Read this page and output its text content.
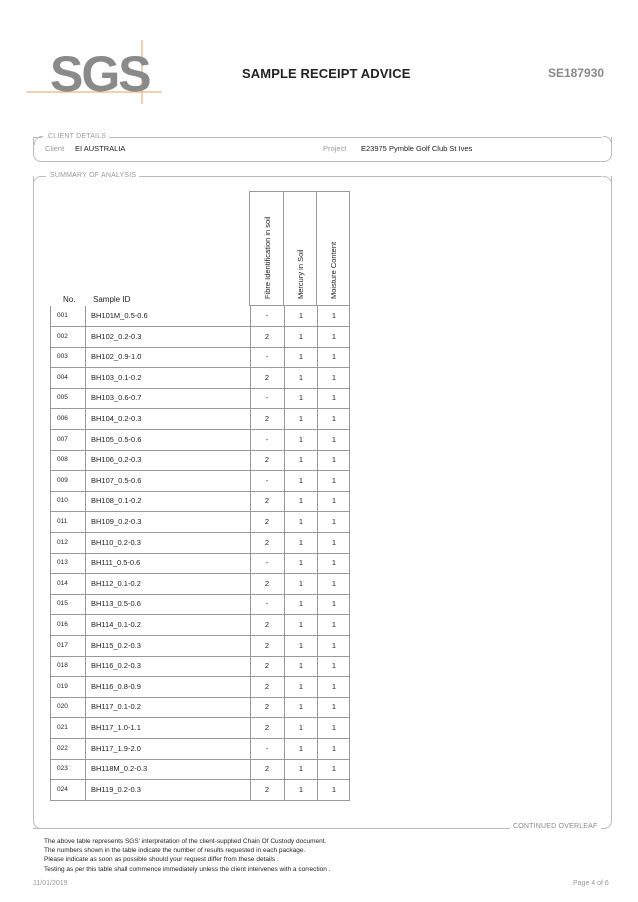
SGS	SAMPLE RECEIPT ADVICE	SE187930
CLIENT DETAILS
Client EI AUSTRALIA	Project E23975 Pymble Golf Club St Ives
SUMMARY OF ANALYSIS
No. Sample ID
Fibre Identification in soil	Mercury in Soil	Moisture Content
001	BH101M_0.5-0.6	-	1	1
002	BH102_0.2-0.3	2	1	1
003	BH102_0.9-1.0	-	1	1
004	BH103_0.1-0.2	2	1	1
005	BH103_0.6-0.7	-	1	1
006	BH104_0.2-0.3	2	1	1
007	BH105_0.5-0.6	-	1	1
008	BH106_0.2-0.3	2	1	1
009	BH107_0.5-0.6	-	1	1
010	BH108_0.1-0.2	2	1	1
011	BH109_0.2-0.3	2	1	1
012	BH110_0.2-0.3	2	1	1
013	BH111_0.5-0.6	-	1	1
014	BH112_0.1-0.2	2	1	1
015	BH113_0.5-0.6	-	1	1
016	BH114_0.1-0.2	2	1	1
017	BH115_0.2-0.3	2	1	1
018	BH116_0.2-0.3	2	1	1
019	BH116_0.8-0.9	2	1	1
020	BH117_0.1-0.2	2	1	1
021	BH117_1.0-1.1	2	1	1
022	BH117_1.9-2.0	-	1	1
023	BH118M_0.2-0.3	2	1	1
024	BH119_0.2-0.3	2	1	1
CONTINUED OVERLEAF
The above table represents SGS' interpretation of the client-supplied Chain Of Custody document.
The numbers shown in the table indicate the number of results requested in each package.
Please indicate as soon as possible should your request differ from these details .
Testing as per this table shall commence immediately unless the client intervenes with a correction .
11/01/2019	Page 4 of 6
